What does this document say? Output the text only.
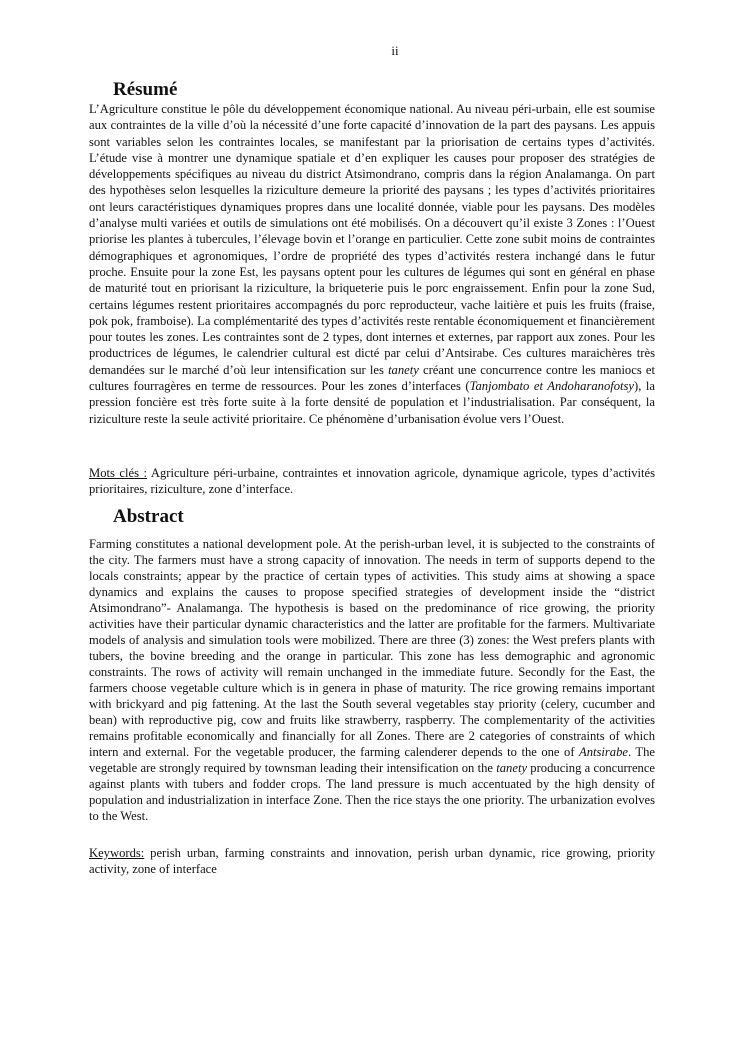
ii
Résumé

L’Agriculture constitue le pôle du développement économique national. Au niveau péri-urbain, elle est soumise aux contraintes de la ville d’où la nécessité d’une forte capacité d’innovation de la part des paysans. Les appuis sont variables selon les contraintes locales, se manifestant par la priorisation de certains types d’activités. L’étude vise à montrer une dynamique spatiale et d’en expliquer les causes pour proposer des stratégies de développements spécifiques au niveau du district Atsimondrano, compris dans la région Analamanga. On part des hypothèses selon lesquelles la riziculture demeure la priorité des paysans ; les types d’activités prioritaires ont leurs caractéristiques dynamiques propres dans une localité donnée, viable pour les paysans. Des modèles d’analyse multi variées et outils de simulations ont été mobilisés. On a découvert qu’il existe 3 Zones : l’Ouest priorise les plantes à tubercules, l’élevage bovin et l’orange en particulier. Cette zone subit moins de contraintes démographiques et agronomiques, l’ordre de propriété des types d’activités restera inchangé dans le futur proche. Ensuite pour la zone Est, les paysans optent pour les cultures de légumes qui sont en général en phase de maturité tout en priorisant la riziculture, la briqueterie puis le porc engraissement. Enfin pour la zone Sud, certains légumes restent prioritaires accompagnés du porc reproducteur, vache laitière et puis les fruits (fraise, pok pok, framboise). La complémentarité des types d’activités reste rentable économiquement et financièrement pour toutes les zones. Les contraintes sont de 2 types, dont internes et externes, par rapport aux zones. Pour les productrices de légumes, le calendrier cultural est dicté par celui d’Antsirabe. Ces cultures maraichères très demandées sur le marché d’où leur intensification sur les tanety créant une concurrence contre les maniocs et cultures fourragères en terme de ressources. Pour les zones d’interfaces (Tanjombato et Andoharanofotsy), la pression foncière est très forte suite à la forte densité de population et l’industrialisation. Par conséquent, la riziculture reste la seule activité prioritaire. Ce phénomène d’urbanisation évolue vers l’Ouest.

Mots clés : Agriculture péri-urbaine, contraintes et innovation agricole, dynamique agricole, types d’activités prioritaires, riziculture, zone d’interface.

Abstract

Farming constitutes a national development pole. At the perish-urban level, it is subjected to the constraints of the city. The farmers must have a strong capacity of innovation. The needs in term of supports depend to the locals constraints; appear by the practice of certain types of activities. This study aims at showing a space dynamics and explains the causes to propose specified strategies of development inside the “district Atsimondrano”- Analamanga. The hypothesis is based on the predominance of rice growing, the priority activities have their particular dynamic characteristics and the latter are profitable for the farmers. Multivariate models of analysis and simulation tools were mobilized. There are three (3) zones: the West prefers plants with tubers, the bovine breeding and the orange in particular. This zone has less demographic and agronomic constraints. The rows of activity will remain unchanged in the immediate future. Secondly for the East, the farmers choose vegetable culture which is in genera in phase of maturity. The rice growing remains important with brickyard and pig fattening. At the last the South several vegetables stay priority (celery, cucumber and bean) with reproductive pig, cow and fruits like strawberry, raspberry. The complementarity of the activities remains profitable economically and financially for all Zones. There are 2 categories of constraints of which intern and external. For the vegetable producer, the farming calenderer depends to the one of Antsirabe. The vegetable are strongly required by townsman leading their intensification on the tanety producing a concurrence against plants with tubers and fodder crops. The land pressure is much accentuated by the high density of population and industrialization in interface Zone. Then the rice stays the one priority. The urbanization evolves to the West.

Keywords: perish urban, farming constraints and innovation, perish urban dynamic, rice growing, priority activity, zone of interface
